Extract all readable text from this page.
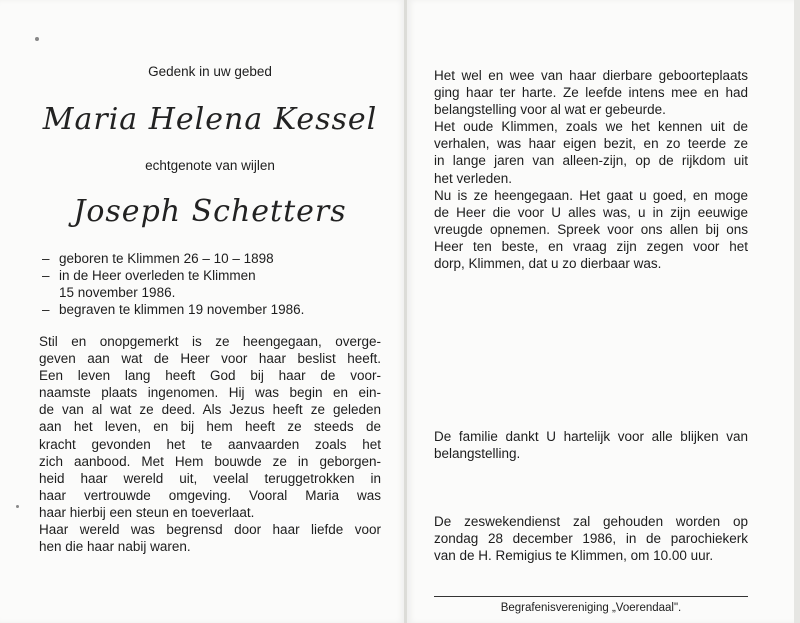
Gedenk in uw gebed
Maria Helena Kessel
echtgenote van wijlen
Joseph Schetters
– geboren te Klimmen 26 – 10 – 1898
– in de Heer overleden te Klimmen
15 november 1986.
– begraven te klimmen 19 november 1986.
Stil en onopgemerkt is ze heengegaan, overge-
geven aan wat de Heer voor haar beslist heeft.
Een leven lang heeft God bij haar de voor-
naamste plaats ingenomen. Hij was begin en ein-
de van al wat ze deed. Als Jezus heeft ze geleden
aan het leven, en bij hem heeft ze steeds de
kracht gevonden het te aanvaarden zoals het
zich aanbood. Met Hem bouwde ze in geborgen-
heid haar wereld uit, veelal teruggetrokken in
haar vertrouwde omgeving. Vooral Maria was
haar hierbij een steun en toeverlaat.
Haar wereld was begrensd door haar liefde voor
hen die haar nabij waren.
Het wel en wee van haar dierbare geboorteplaats
ging haar ter harte. Ze leefde intens mee en had
belangstelling voor al wat er gebeurde.
Het oude Klimmen, zoals we het kennen uit de
verhalen, was haar eigen bezit, en zo teerde ze
in lange jaren van alleen-zijn, op de rijkdom uit
het verleden.
Nu is ze heengegaan. Het gaat u goed, en moge
de Heer die voor U alles was, u in zijn eeuwige
vreugde opnemen. Spreek voor ons allen bij ons
Heer ten beste, en vraag zijn zegen voor het
dorp, Klimmen, dat u zo dierbaar was.
De familie dankt U hartelijk voor alle blijken van
belangstelling.
De zeswekendienst zal gehouden worden op
zondag 28 december 1986, in de parochiekerk
van de H. Remigius te Klimmen, om 10.00 uur.
Begrafenisvereniging „Voerendaal".
